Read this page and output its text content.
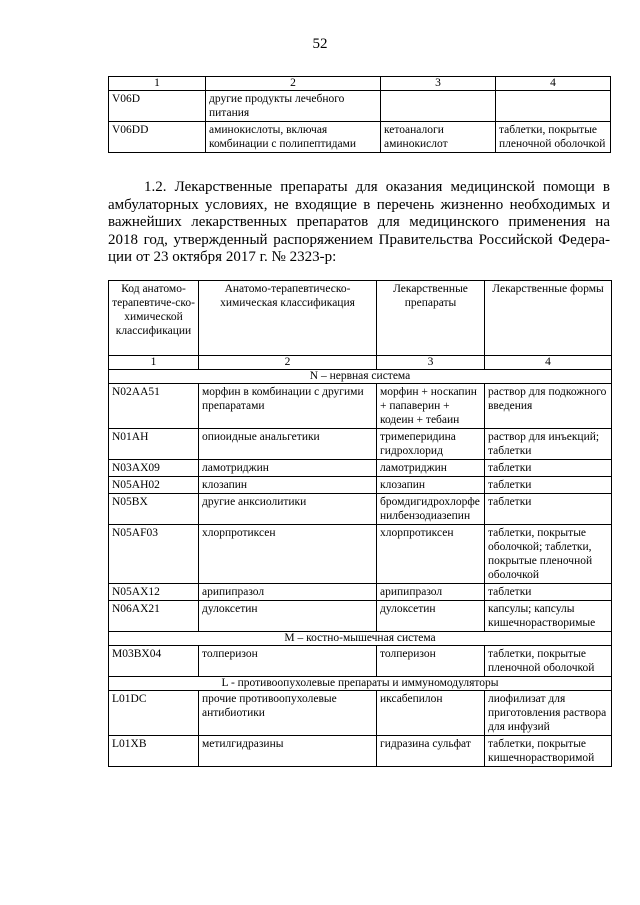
52
1	2	3	4
V06D	другие продукты лечебного питания		
V06DD	аминокислоты, включая комбинации с полипептидами	кетоаналоги аминокислот	таблетки, покрытые пленочной оболочкой
1.2. Лекарственные препараты для оказания медицинской помощи в
амбулаторных условиях, не входящие в перечень жизненно необходимых и
важнейших лекарственных препаратов для медицинского применения на
2018 год, утвержденный распоряжением Правительства Российской Федера-
ции от 23 октября 2017 г. № 2323-р:
Код анатомо-терапевтиче-ско-химической классификации	Анатомо-терапевтическо-химическая классификация	Лекарственные препараты	Лекарственные формы
1	2	3	4
N – нервная система			
N02AA51	морфин в комбинации с другими препаратами	морфин + носкапин + папаверин + кодеин + тебаин	раствор для подкожного введения
N01AH	опиоидные анальгетики	тримеперидина гидрохлорид	раствор для инъекций; таблетки
N03AX09	ламотриджин	ламотриджин	таблетки
N05AH02	клозапин	клозапин	таблетки
N05BX	другие анксиолитики	бромдигидрохлорфенилбензодиазепин	таблетки
N05AF03	хлорпротиксен	хлорпротиксен	таблетки, покрытые оболочкой; таблетки, покрытые пленочной оболочкой
N05AX12	арипипразол	арипипразол	таблетки
N06AX21	дулоксетин	дулоксетин	капсулы; капсулы кишечнорастворимые
М – костно-мышечная система			
M03BX04	толперизон	толперизон	таблетки, покрытые пленочной оболочкой
L - противоопухолевые препараты и иммуномодуляторы			
L01DC	прочие противоопухолевые антибиотики	иксабепилон	лиофилизат для приготовления раствора для инфузий
L01XB	метилгидразины	гидразина сульфат	таблетки, покрытые кишечнорастворимой
